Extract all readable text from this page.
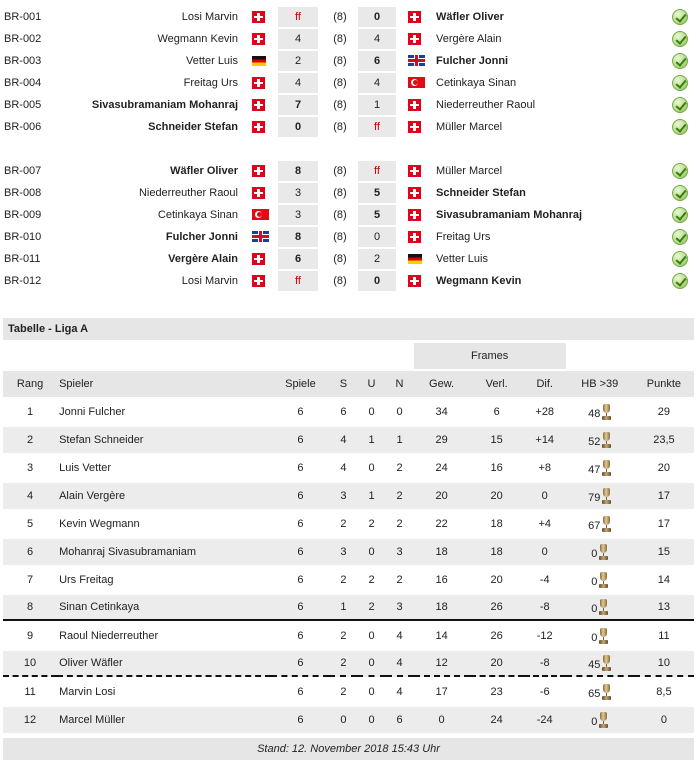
BR-001	Losi Marvin	ff	(8)	0	Wäfler Oliver
BR-002	Wegmann Kevin	4	(8)	4	Vergère Alain
BR-003	Vetter Luis	2	(8)	6	Fulcher Jonni
BR-004	Freitag Urs	4	(8)	4	Cetinkaya Sinan
BR-005	Sivasubramaniam Mohanraj	7	(8)	1	Niederreuther Raoul
BR-006	Schneider Stefan	0	(8)	ff	Müller Marcel
BR-007	Wäfler Oliver	8	(8)	ff	Müller Marcel
BR-008	Niederreuther Raoul	3	(8)	5	Schneider Stefan
BR-009	Cetinkaya Sinan	3	(8)	5	Sivasubramaniam Mohanraj
BR-010	Fulcher Jonni	8	(8)	0	Freitag Urs
BR-011	Vergère Alain	6	(8)	2	Vetter Luis
BR-012	Losi Marvin	ff	(8)	0	Wegmann Kevin
Tabelle - Liga A
						Frames				
Rang	Spieler	Spiele	S	U	N	Gew.	Verl.	Dif.	HB >39	Punkte
1	Jonni Fulcher	6	6	0	0	34	6	+28	48	29
2	Stefan Schneider	6	4	1	1	29	15	+14	52	23,5
3	Luis Vetter	6	4	0	2	24	16	+8	47	20
4	Alain Vergère	6	3	1	2	20	20	0	79	17
5	Kevin Wegmann	6	2	2	2	22	18	+4	67	17
6	Mohanraj Sivasubramaniam	6	3	0	3	18	18	0	0	15
7	Urs Freitag	6	2	2	2	16	20	-4	0	14
8	Sinan Cetinkaya	6	1	2	3	18	26	-8	0	13
9	Raoul Niederreuther	6	2	0	4	14	26	-12	0	11
10	Oliver Wäfler	6	2	0	4	12	20	-8	45	10
11	Marvin Losi	6	2	0	4	17	23	-6	65	8,5
12	Marcel Müller	6	0	0	6	0	24	-24	0	0
Stand: 12. November 2018 15:43 Uhr
